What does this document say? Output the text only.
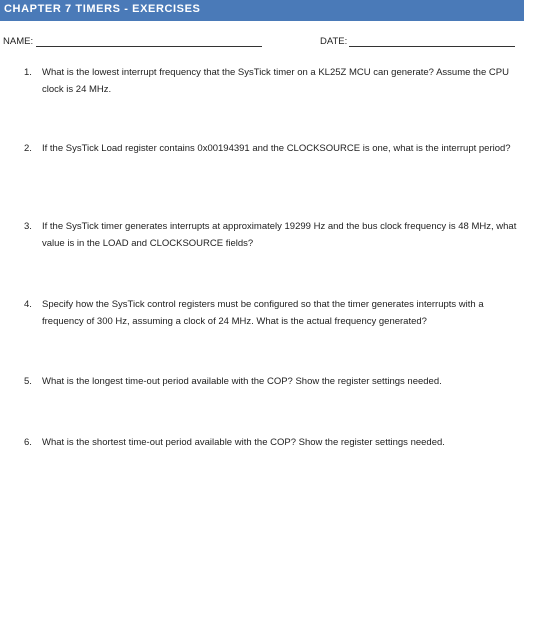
CHAPTER 7 TIMERS - EXERCISES
NAME:	DATE:
1. What is the lowest interrupt frequency that the SysTick timer on a KL25Z MCU can generate? Assume the CPU clock is 24 MHz.
2. If the SysTick Load register contains 0x00194391 and the CLOCKSOURCE is one, what is the interrupt period?
3. If the SysTick timer generates interrupts at approximately 19299 Hz and the bus clock frequency is 48 MHz, what value is in the LOAD and CLOCKSOURCE fields?
4. Specify how the SysTick control registers must be configured so that the timer generates interrupts with a frequency of 300 Hz, assuming a clock of 24 MHz. What is the actual frequency generated?
5. What is the longest time-out period available with the COP? Show the register settings needed.
6. What is the shortest time-out period available with the COP? Show the register settings needed.
